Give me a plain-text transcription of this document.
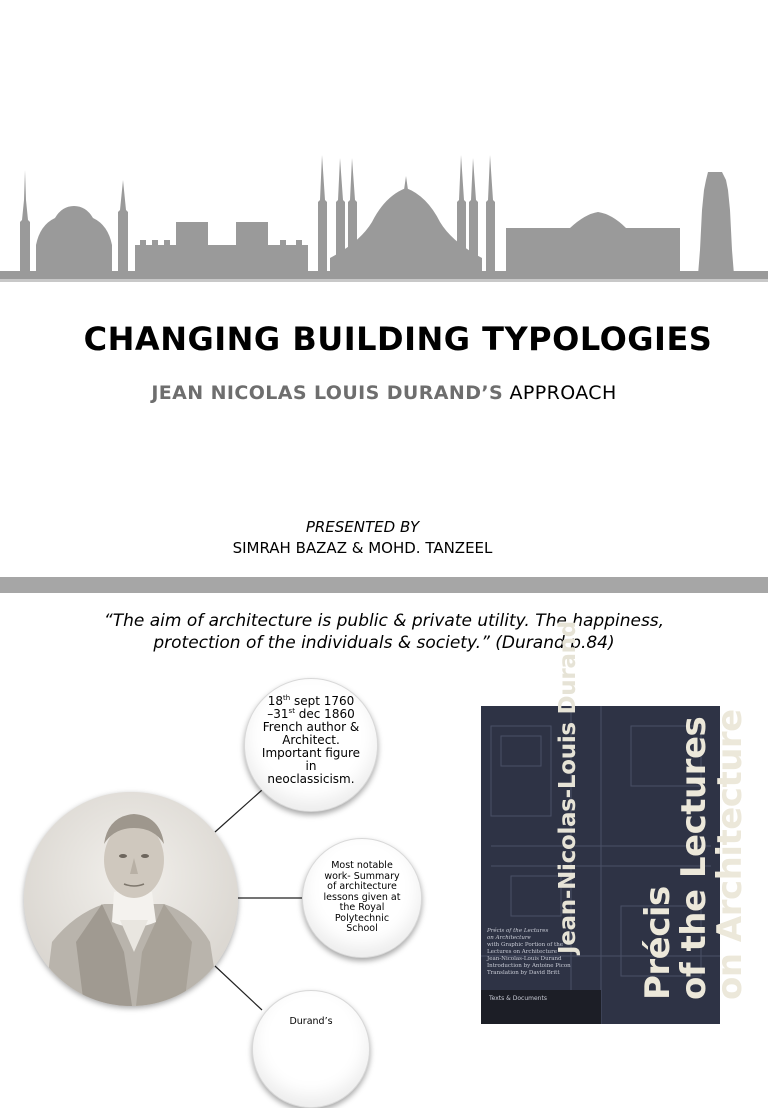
CHANGING BUILDING TYPOLOGIES
JEAN NICOLAS LOUIS DURAND’S APPROACH
PRESENTED BY
SIMRAH BAZAZ & MOHD. TANZEEL
“The aim of architecture is public & private utility. The happiness,
protection of the individuals & society.” (Durand p.84)
18th sept 1760
–31st dec 1860
French author & Architect. Important figure in neoclassicism.
Most notable work- Summary of architecture lessons given at the Royal Polytechnic School
Durand’s
Jean-Nicolas-Louis Durand Précis
of the Lectures
on Architecture
Précis of the Lectures
on Architecture
with Graphic Portion of the
Lectures on Architecture
Jean-Nicolas-Louis Durand
Introduction by Antoine Picon
Translation by David Britt
Texts & Documents
